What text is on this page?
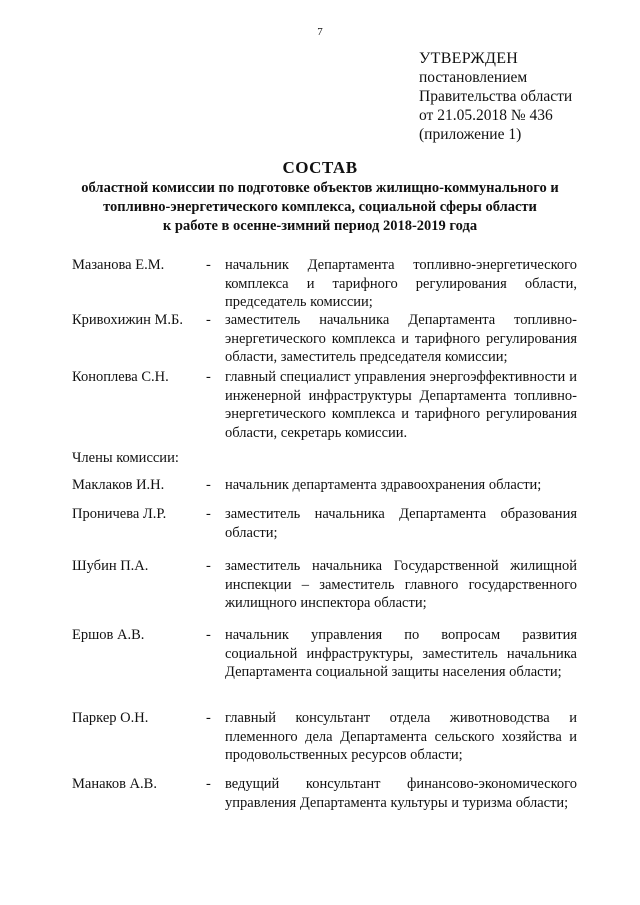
7
УТВЕРЖДЕН
постановлением
Правительства области
от 21.05.2018 № 436
(приложение 1)
СОСТАВ
областной комиссии по подготовке объектов жилищно-коммунального и
топливно-энергетического комплекса, социальной сферы области
к работе в осенне-зимний период 2018-2019 года
Мазанова Е.М.	- начальник Департамента топливно-энергетического комплекса и тарифного регулирования области, председатель комиссии;
Кривохижин М.Б.	- заместитель начальника Департамента топливно-энергетического комплекса и тарифного регулирования области, заместитель председателя комиссии;
Коноплева С.Н.	- главный специалист управления энергоэффективности и инженерной инфраструктуры Департамента топливно-энергетического комплекса и тарифного регулирования области, секретарь комиссии.
Члены комиссии:
Маклаков И.Н.	- начальник департамента здравоохранения области;
Проничева Л.Р.	- заместитель начальника Департамента образования области;
Шубин П.А.	- заместитель начальника Государственной жилищной инспекции – заместитель главного государственного жилищного инспектора области;
Ершов А.В.	- начальник управления по вопросам развития социальной инфраструктуры, заместитель начальника Департамента социальной защиты населения области;
Паркер О.Н.	- главный консультант отдела животноводства и племенного дела Департамента сельского хозяйства и продовольственных ресурсов области;
Манаков А.В.	- ведущий консультант финансово-экономического управления Департамента культуры и туризма области;
